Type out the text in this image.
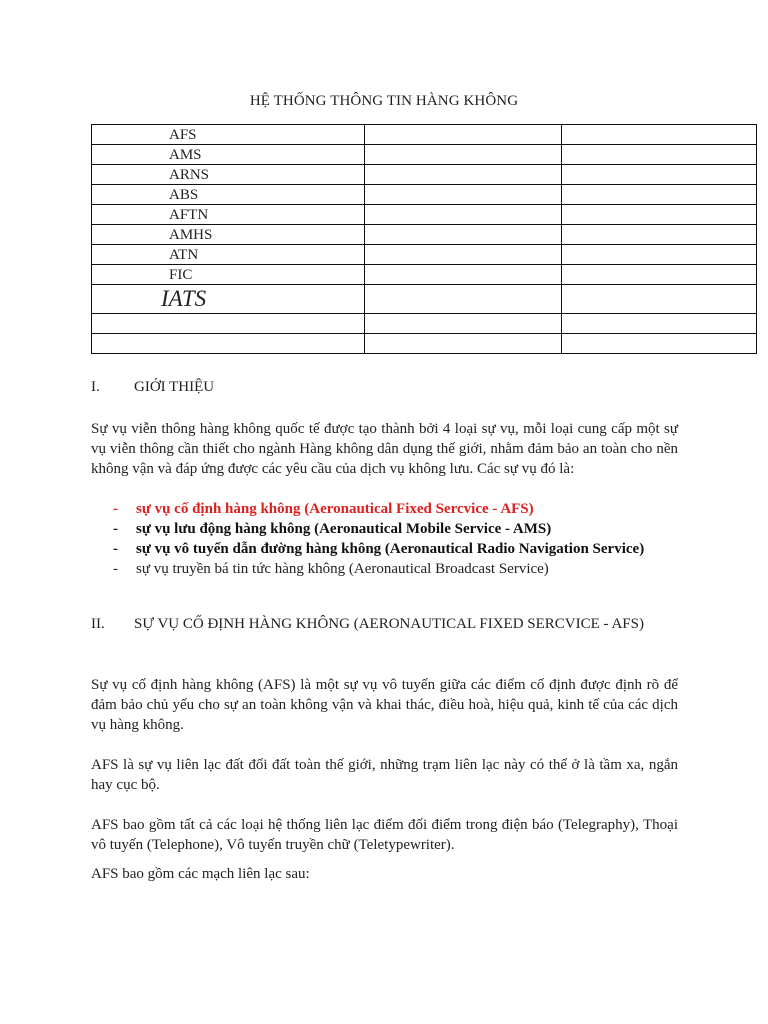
HỆ THỐNG THÔNG TIN HÀNG KHÔNG
AFS		
AMS		
ARNS		
ABS		
AFTN		
AMHS		
ATN		
FIC		
IATS		

I. GIỚI THIỆU
Sự vụ viễn thông hàng không quốc tế được tạo thành bởi 4 loại sự vụ, mỗi loại cung cấp một sự vụ viễn thông cần thiết cho ngành Hàng không dân dụng thế giới, nhằm đảm bảo an toàn cho nền không vận và đáp ứng được các yêu cầu của dịch vụ không lưu. Các sự vụ đó là:
- sự vụ cố định hàng không (Aeronautical Fixed Sercvice - AFS)
- sự vụ lưu động hàng không (Aeronautical Mobile Service - AMS)
- sự vụ vô tuyến dẫn đường hàng không (Aeronautical Radio Navigation Service)
- sự vụ truyền bá tin tức hàng không (Aeronautical Broadcast Service)
II.	SỰ VỤ CỐ ĐỊNH HÀNG KHÔNG (AERONAUTICAL FIXED SERCVICE - AFS)
Sự vụ cố định hàng không (AFS) là một sự vụ vô tuyến giữa các điểm cố định được định rõ để đảm bảo chủ yếu cho sự an toàn không vận và khai thác, điều hoà, hiệu quả, kinh tế của các dịch vụ hàng không.
AFS là sự vụ liên lạc đất đối đất toàn thế giới, những trạm liên lạc này có thể ở là tầm xa, ngắn hay cục bộ.
AFS bao gồm tất cả các loại hệ thống liên lạc điểm đối điểm trong điện báo (Telegraphy), Thoại vô tuyến (Telephone), Vô tuyến truyền chữ (Teletypewriter).
AFS bao gồm các mạch liên lạc sau:
